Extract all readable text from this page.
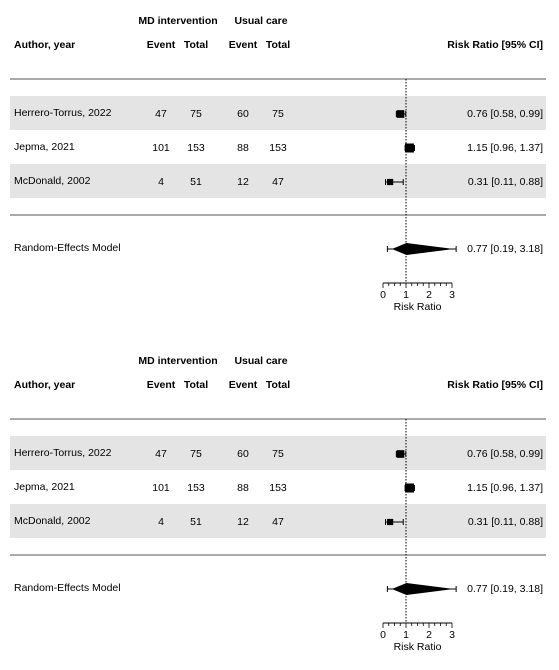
MD intervention Usual care
Author, year	Event Total Event Total	Risk Ratio [95% CI]
Herrero-Torrus, 2022	47 75	60 75	0.76 [0.58, 0.99]
Jepma, 2021	101 153	88 153	1.15 [0.96, 1.37]
McDonald, 2002	4 51	12 47	0.31 [0.11, 0.88]
Random-Effects Model	0.77 [0.19, 3.18]
0 1 2 3
Risk Ratio
MD intervention Usual care
Author, year	Event Total Event Total	Risk Ratio [95% CI]
Herrero-Torrus, 2022	47 75	60 75	0.76 [0.58, 0.99]
Jepma, 2021	101 153	88 153	1.15 [0.96, 1.37]
McDonald, 2002	4 51	12 47	0.31 [0.11, 0.88]
Random-Effects Model	0.77 [0.19, 3.18]
0 1 2 3
Risk Ratio
